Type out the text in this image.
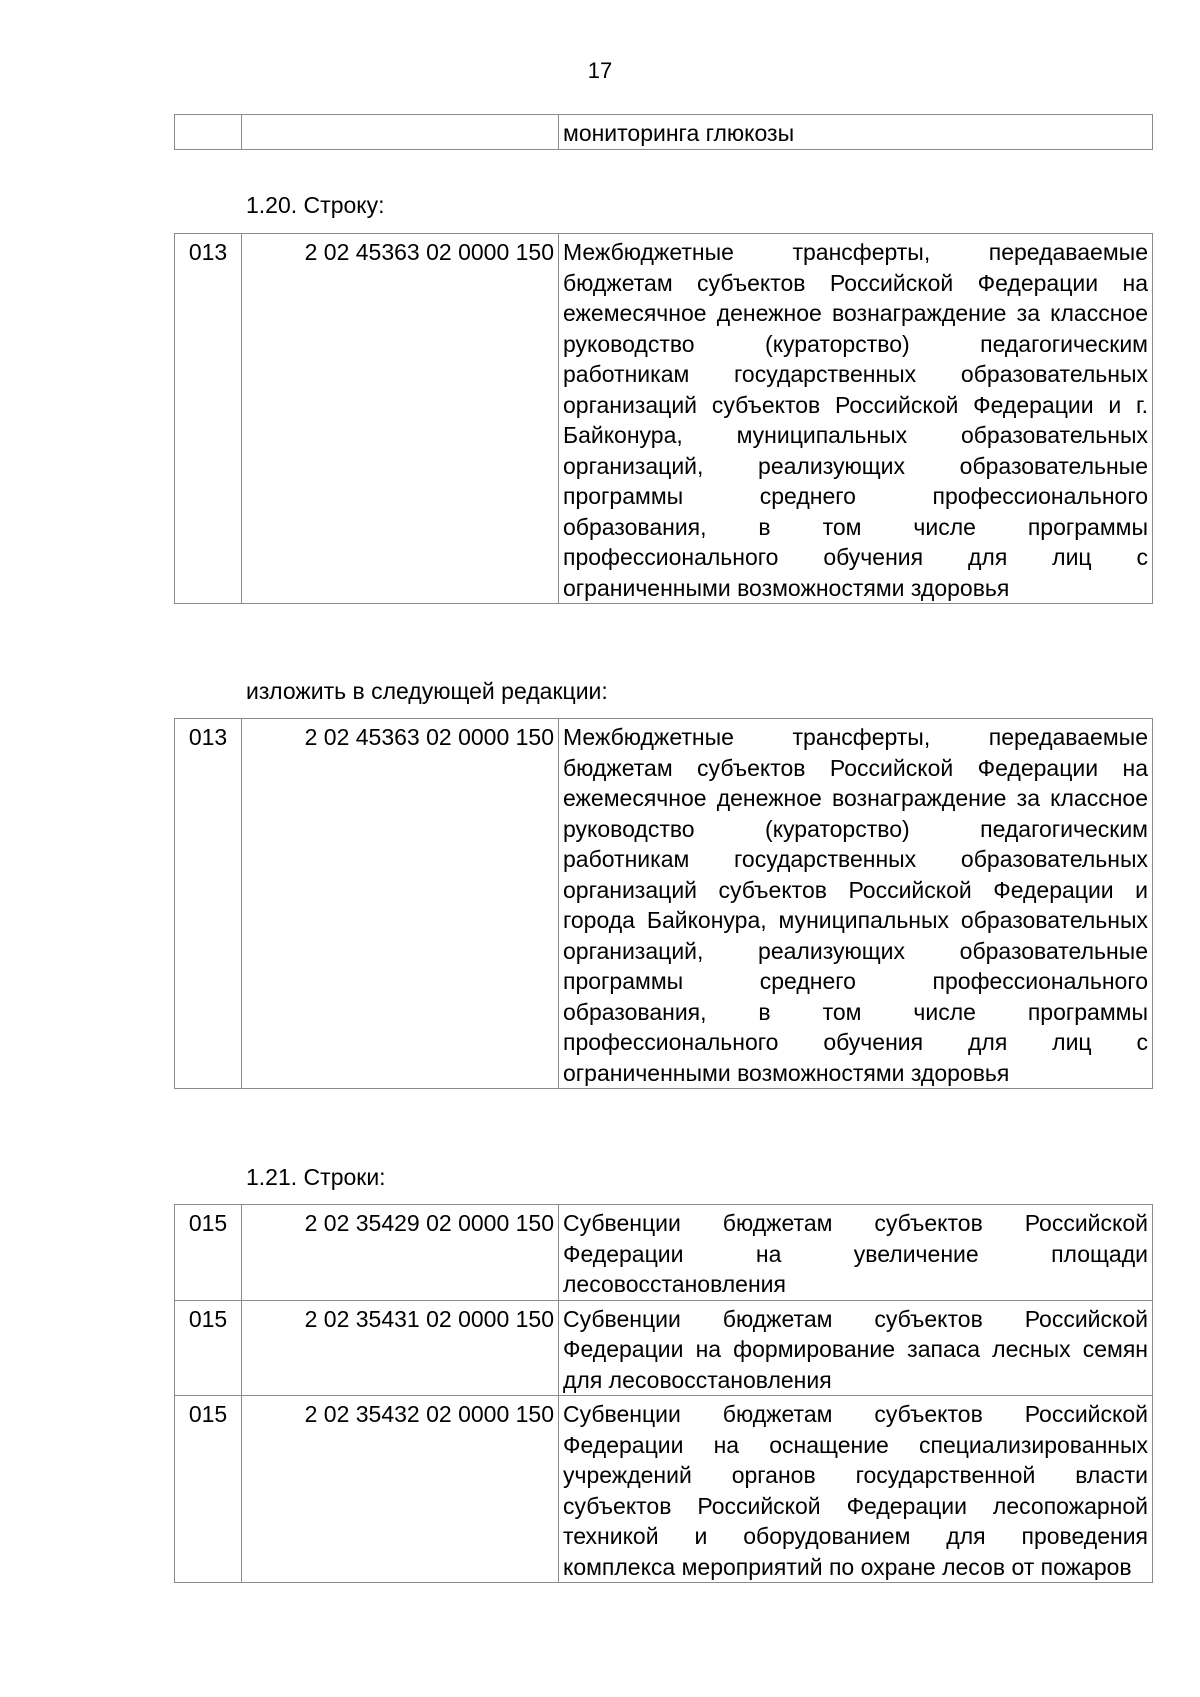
17
		мониторинга глюкозы
1.20. Строку:
013	2 02 45363 02 0000 150	Межбюджетные трансферты, передаваемые бюджетам субъектов Российской Федерации на ежемесячное денежное вознаграждение за классное руководство (кураторство) педагогическим работникам государственных образовательных организаций субъектов Российской Федерации и г. Байконура, муниципальных образовательных организаций, реализующих образовательные программы среднего профессионального образования, в том числе программы профессионального обучения для лиц с ограниченными возможностями здоровья
изложить в следующей редакции:
013	2 02 45363 02 0000 150	Межбюджетные трансферты, передаваемые бюджетам субъектов Российской Федерации на ежемесячное денежное вознаграждение за классное руководство (кураторство) педагогическим работникам государственных образовательных организаций субъектов Российской Федерации и города Байконура, муниципальных образовательных организаций, реализующих образовательные программы среднего профессионального образования, в том числе программы профессионального обучения для лиц с ограниченными возможностями здоровья
1.21. Строки:
015	2 02 35429 02 0000 150	Субвенции бюджетам субъектов Российской Федерации на увеличение площади лесовосстановления
015	2 02 35431 02 0000 150	Субвенции бюджетам субъектов Российской Федерации на формирование запаса лесных семян для лесовосстановления
015	2 02 35432 02 0000 150	Субвенции бюджетам субъектов Российской Федерации на оснащение специализированных учреждений органов государственной власти субъектов Российской Федерации лесопожарной техникой и оборудованием для проведения комплекса мероприятий по охране лесов от пожаров
